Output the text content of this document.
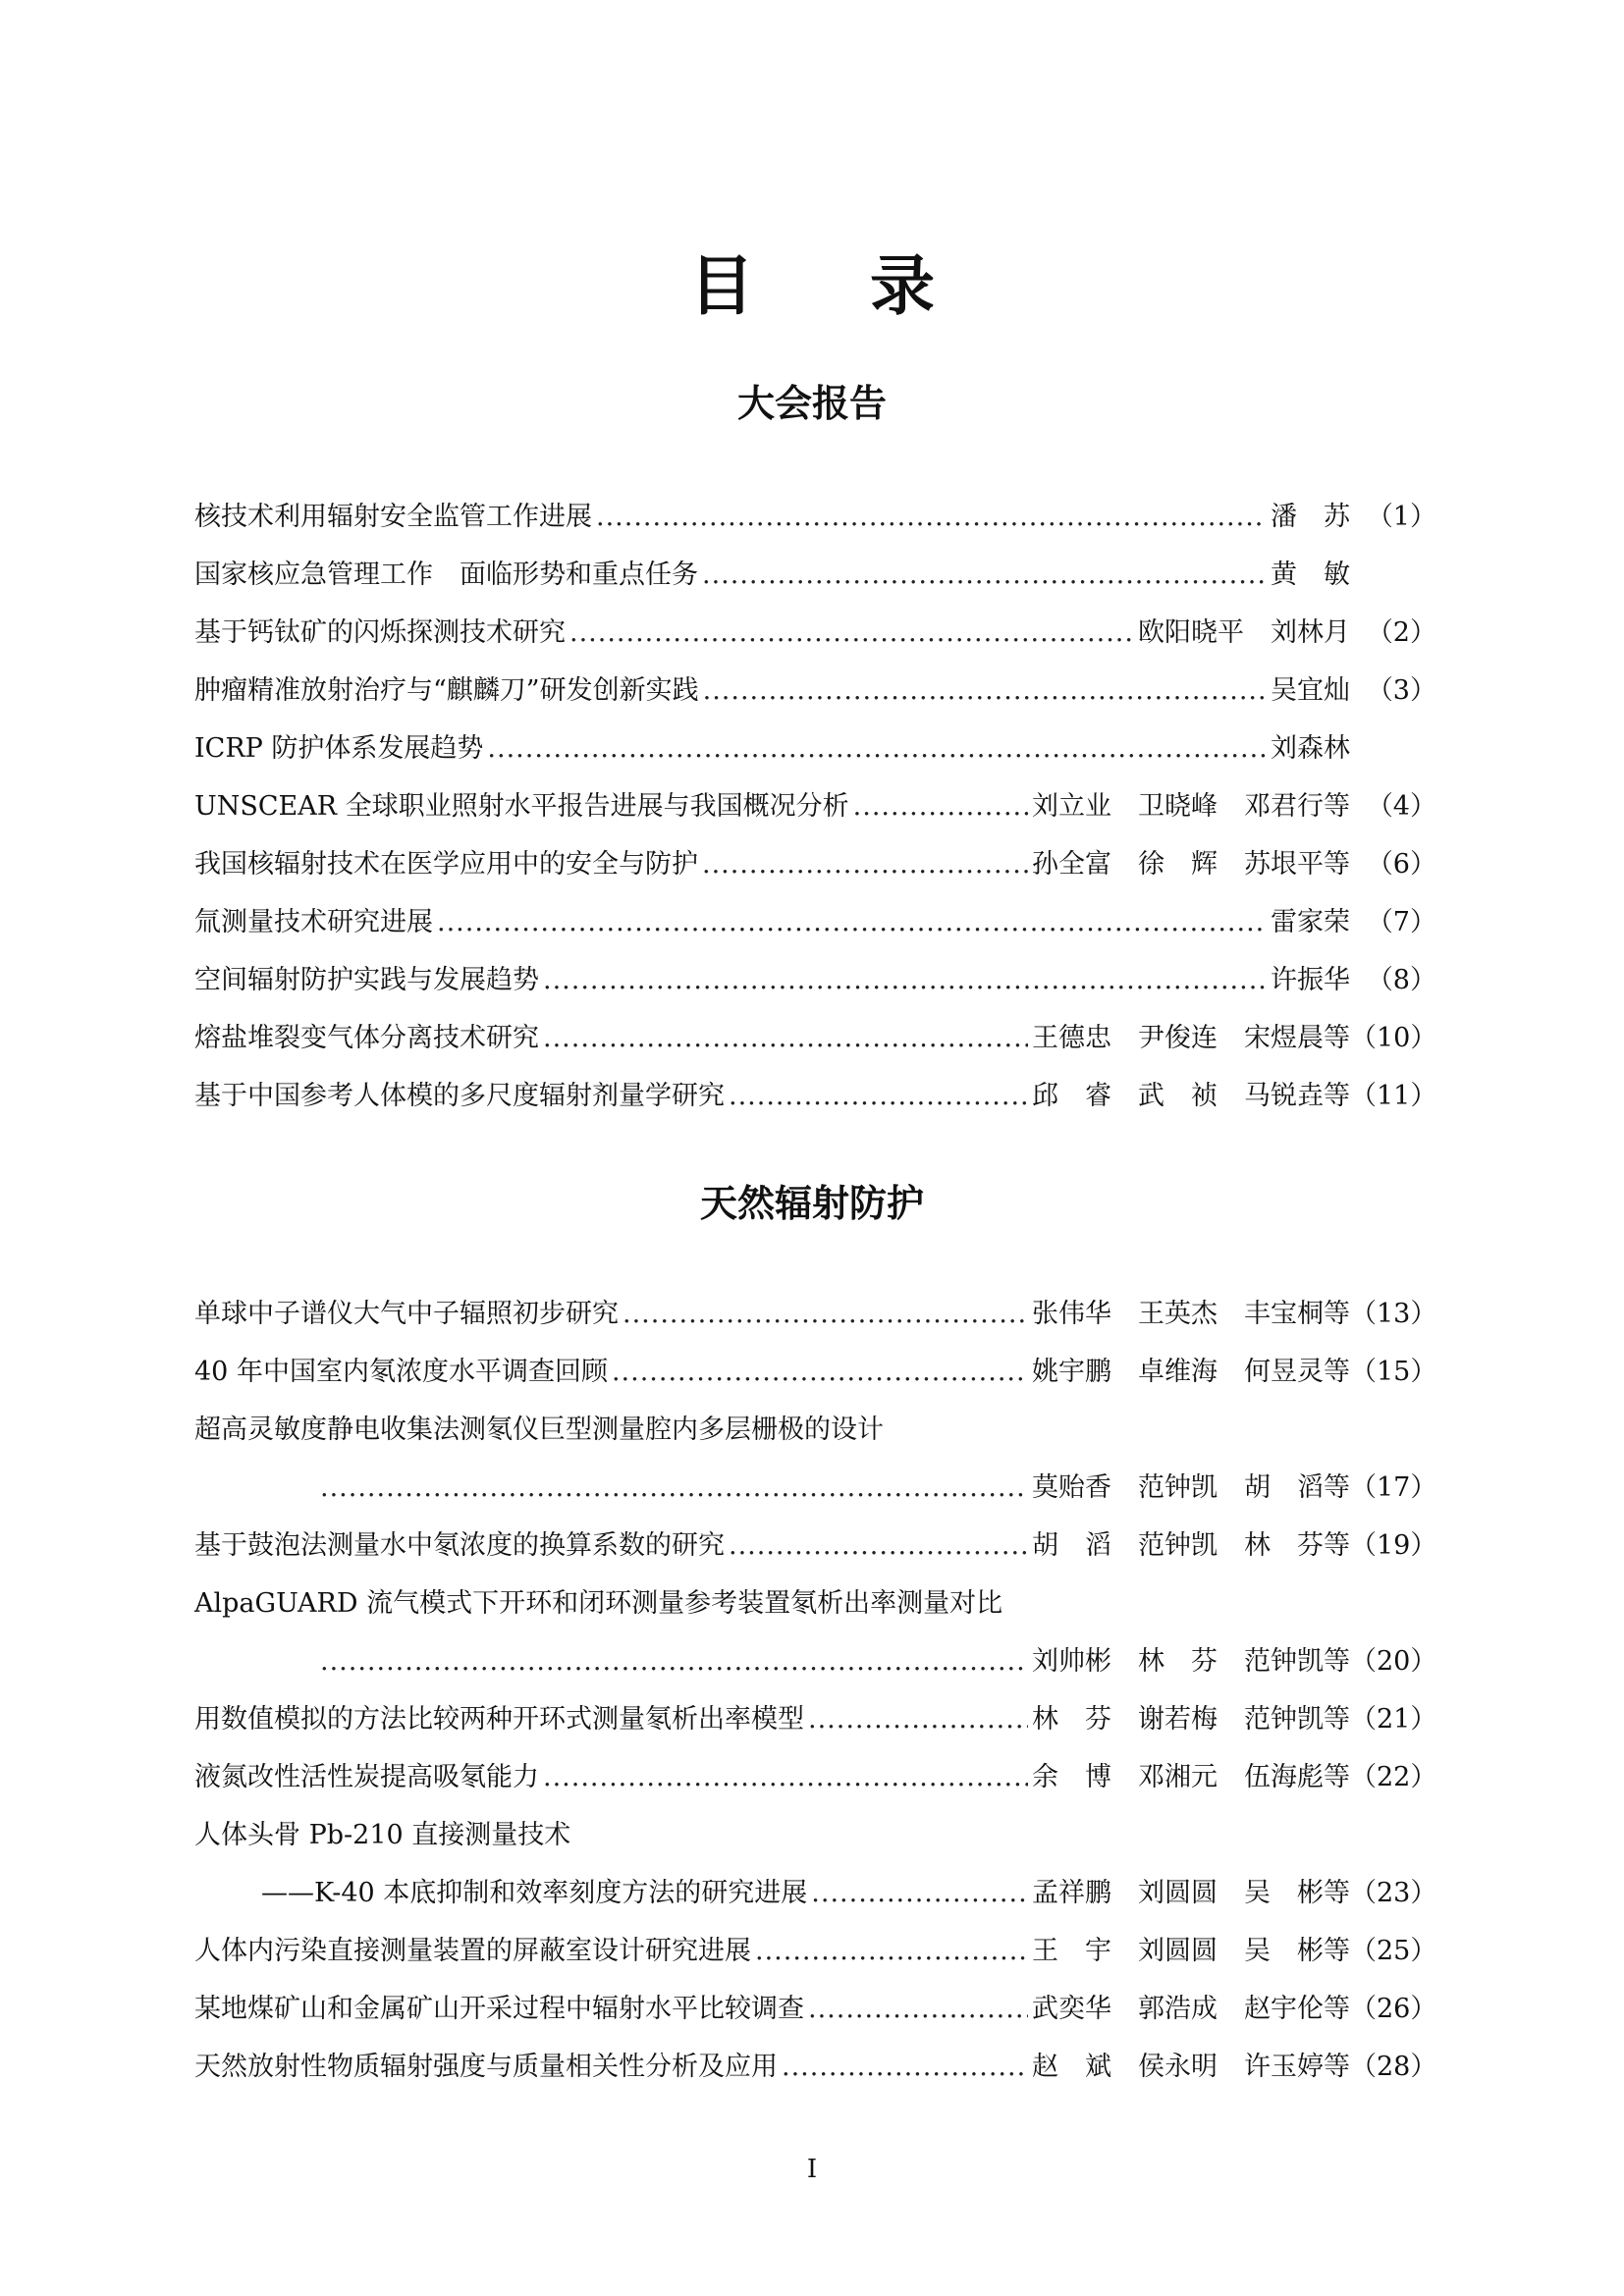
目 录
大会报告
核技术利用辐射安全监管工作进展 .....	潘　苏 （1）
国家核应急管理工作　面临形势和重点任务 .....	黄　敏
基于钙钛矿的闪烁探测技术研究 .....	欧阳晓平　刘林月 （2）
肿瘤精准放射治疗与“麒麟刀”研发创新实践 .....	吴宜灿 （3）
ICRP 防护体系发展趋势 .....	刘森林
UNSCEAR 全球职业照射水平报告进展与我国概况分析 .....	刘立业　卫晓峰　邓君行等 （4）
我国核辐射技术在医学应用中的安全与防护 .....	孙全富　徐　辉　苏垠平等 （6）
氚测量技术研究进展 .....	雷家荣 （7）
空间辐射防护实践与发展趋势 .....	许振华 （8）
熔盐堆裂变气体分离技术研究 .....	王德忠　尹俊连　宋煜晨等 （10）
基于中国参考人体模的多尺度辐射剂量学研究 .....	邱　睿　武　祯　马锐垚等 （11）
天然辐射防护
单球中子谱仪大气中子辐照初步研究 .....	张伟华　王英杰　丰宝桐等 （13）
40 年中国室内氡浓度水平调查回顾 .....	姚宇鹏　卓维海　何昱灵等 （15）
超高灵敏度静电收集法测氡仪巨型测量腔内多层栅极的设计
.....
莫贻香　范钟凯　胡　滔等 （17）
基于鼓泡法测量水中氡浓度的换算系数的研究 .....	胡　滔　范钟凯　林　芬等 （19）
AlpaGUARD 流气模式下开环和闭环测量参考装置氡析出率测量对比
.....
刘帅彬　林　芬　范钟凯等 （20）
用数值模拟的方法比较两种开环式测量氡析出率模型 .....	林　芬　谢若梅　范钟凯等 （21）
液氮改性活性炭提高吸氡能力 .....	余　博　邓湘元　伍海彪等 （22）
人体头骨 Pb-210 直接测量技术
——K-40 本底抑制和效率刻度方法的研究进展 .....	孟祥鹏　刘圆圆　吴　彬等 （23）
人体内污染直接测量装置的屏蔽室设计研究进展 .....	王　宇　刘圆圆　吴　彬等 （25）
某地煤矿山和金属矿山开采过程中辐射水平比较调查 .....	武奕华　郭浩成　赵宇伦等 （26）
天然放射性物质辐射强度与质量相关性分析及应用 .....	赵　斌　侯永明　许玉婷等 （28）
I
